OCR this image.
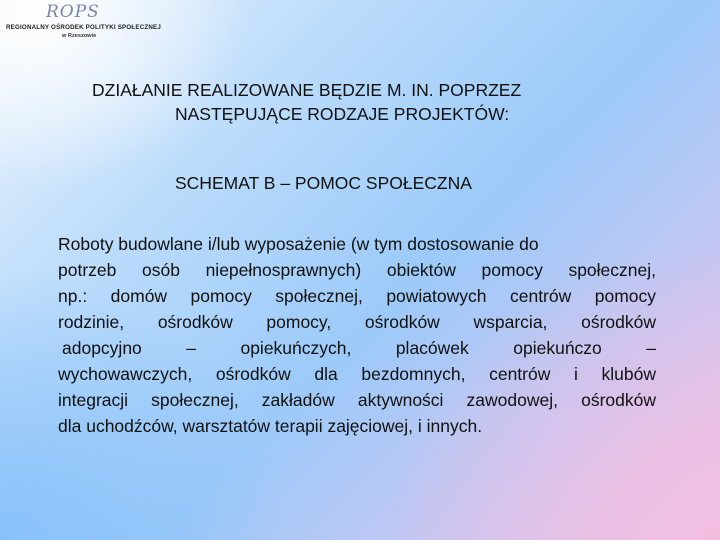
ROPS
REGIONALNY OŚRODEK POLITYKI SPOŁECZNEJ
w Rzeszowie
DZIAŁANIE REALIZOWANE BĘDZIE M. IN. POPRZEZ
NASTĘPUJĄCE RODZAJE PROJEKTÓW:
SCHEMAT B – POMOC SPOŁECZNA
Roboty budowlane i/lub wyposażenie (w tym dostosowanie do
potrzeb osób niepełnosprawnych) obiektów pomocy społecznej,
np.: domów pomocy społecznej, powiatowych centrów pomocy
rodzinie, ośrodków pomocy, ośrodków wsparcia, ośrodków
adopcyjno – opiekuńczych, placówek opiekuńczo –
wychowawczych, ośrodków dla bezdomnych, centrów i klubów
integracji społecznej, zakładów aktywności zawodowej, ośrodków
dla uchodźców, warsztatów terapii zajęciowej, i innych.
